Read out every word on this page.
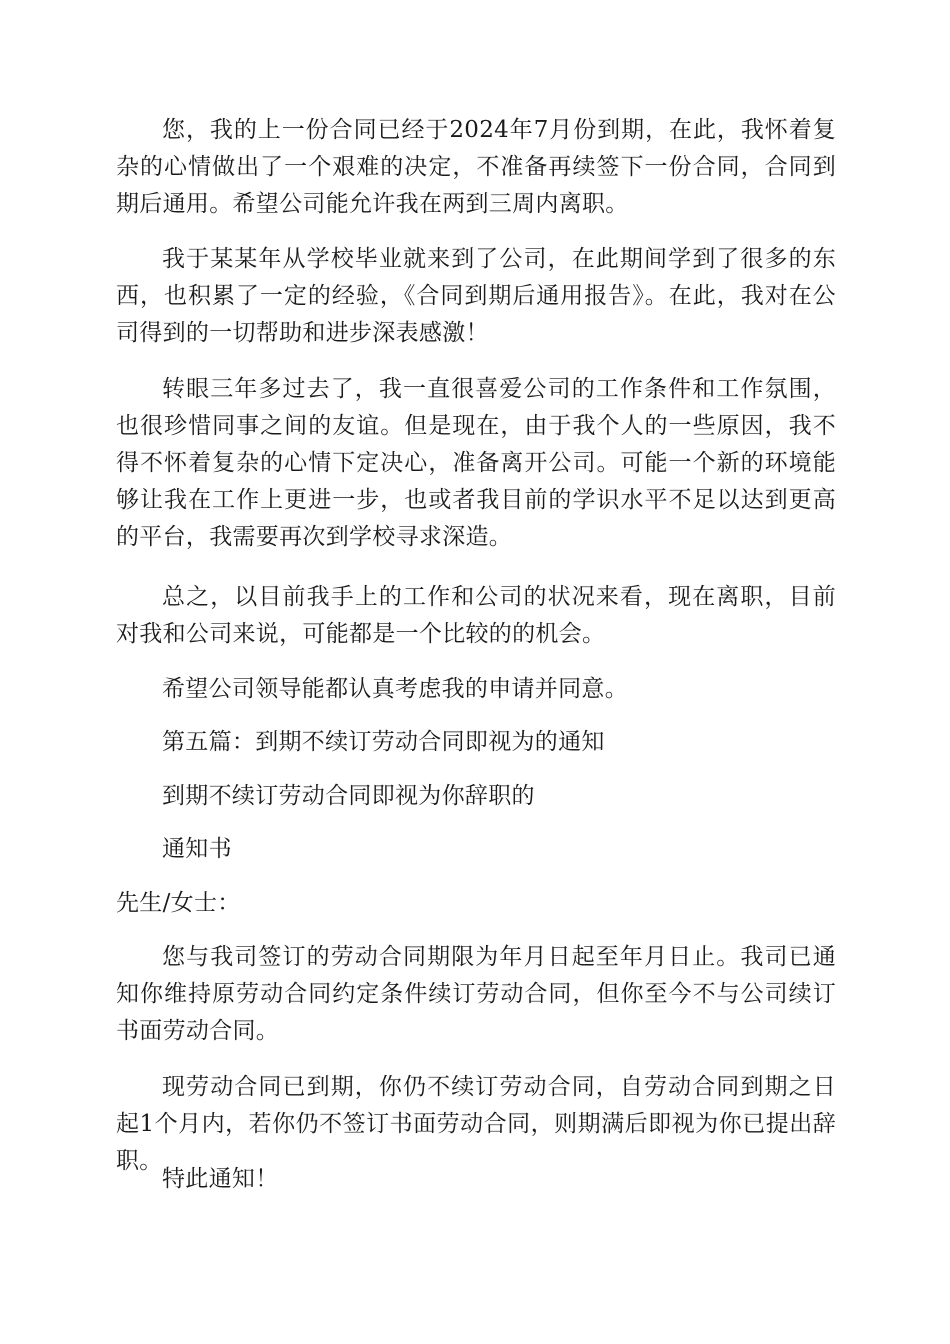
您，我的上一份合同已经于2024年7月份到期，在此，我怀着复杂的心情做出了一个艰难的决定，不准备再续签下一份合同，合同到期后通用。希望公司能允许我在两到三周内离职。

我于某某年从学校毕业就来到了公司，在此期间学到了很多的东西，也积累了一定的经验，《合同到期后通用报告》。在此，我对在公司得到的一切帮助和进步深表感激！

转眼三年多过去了，我一直很喜爱公司的工作条件和工作氛围，也很珍惜同事之间的友谊。但是现在，由于我个人的一些原因，我不得不怀着复杂的心情下定决心，准备离开公司。可能一个新的环境能够让我在工作上更进一步，也或者我目前的学识水平不足以达到更高的平台，我需要再次到学校寻求深造。

总之，以目前我手上的工作和公司的状况来看，现在离职，目前对我和公司来说，可能都是一个比较的的机会。

希望公司领导能都认真考虑我的申请并同意。

第五篇：到期不续订劳动合同即视为的通知

到期不续订劳动合同即视为你辞职的

通知书

先生/女士：

您与我司签订的劳动合同期限为年月日起至年月日止。我司已通知你维持原劳动合同约定条件续订劳动合同，但你至今不与公司续订书面劳动合同。

现劳动合同已到期，你仍不续订劳动合同，自劳动合同到期之日起1个月内，若你仍不签订书面劳动合同，则期满后即视为你已提出辞职。

特此通知！
